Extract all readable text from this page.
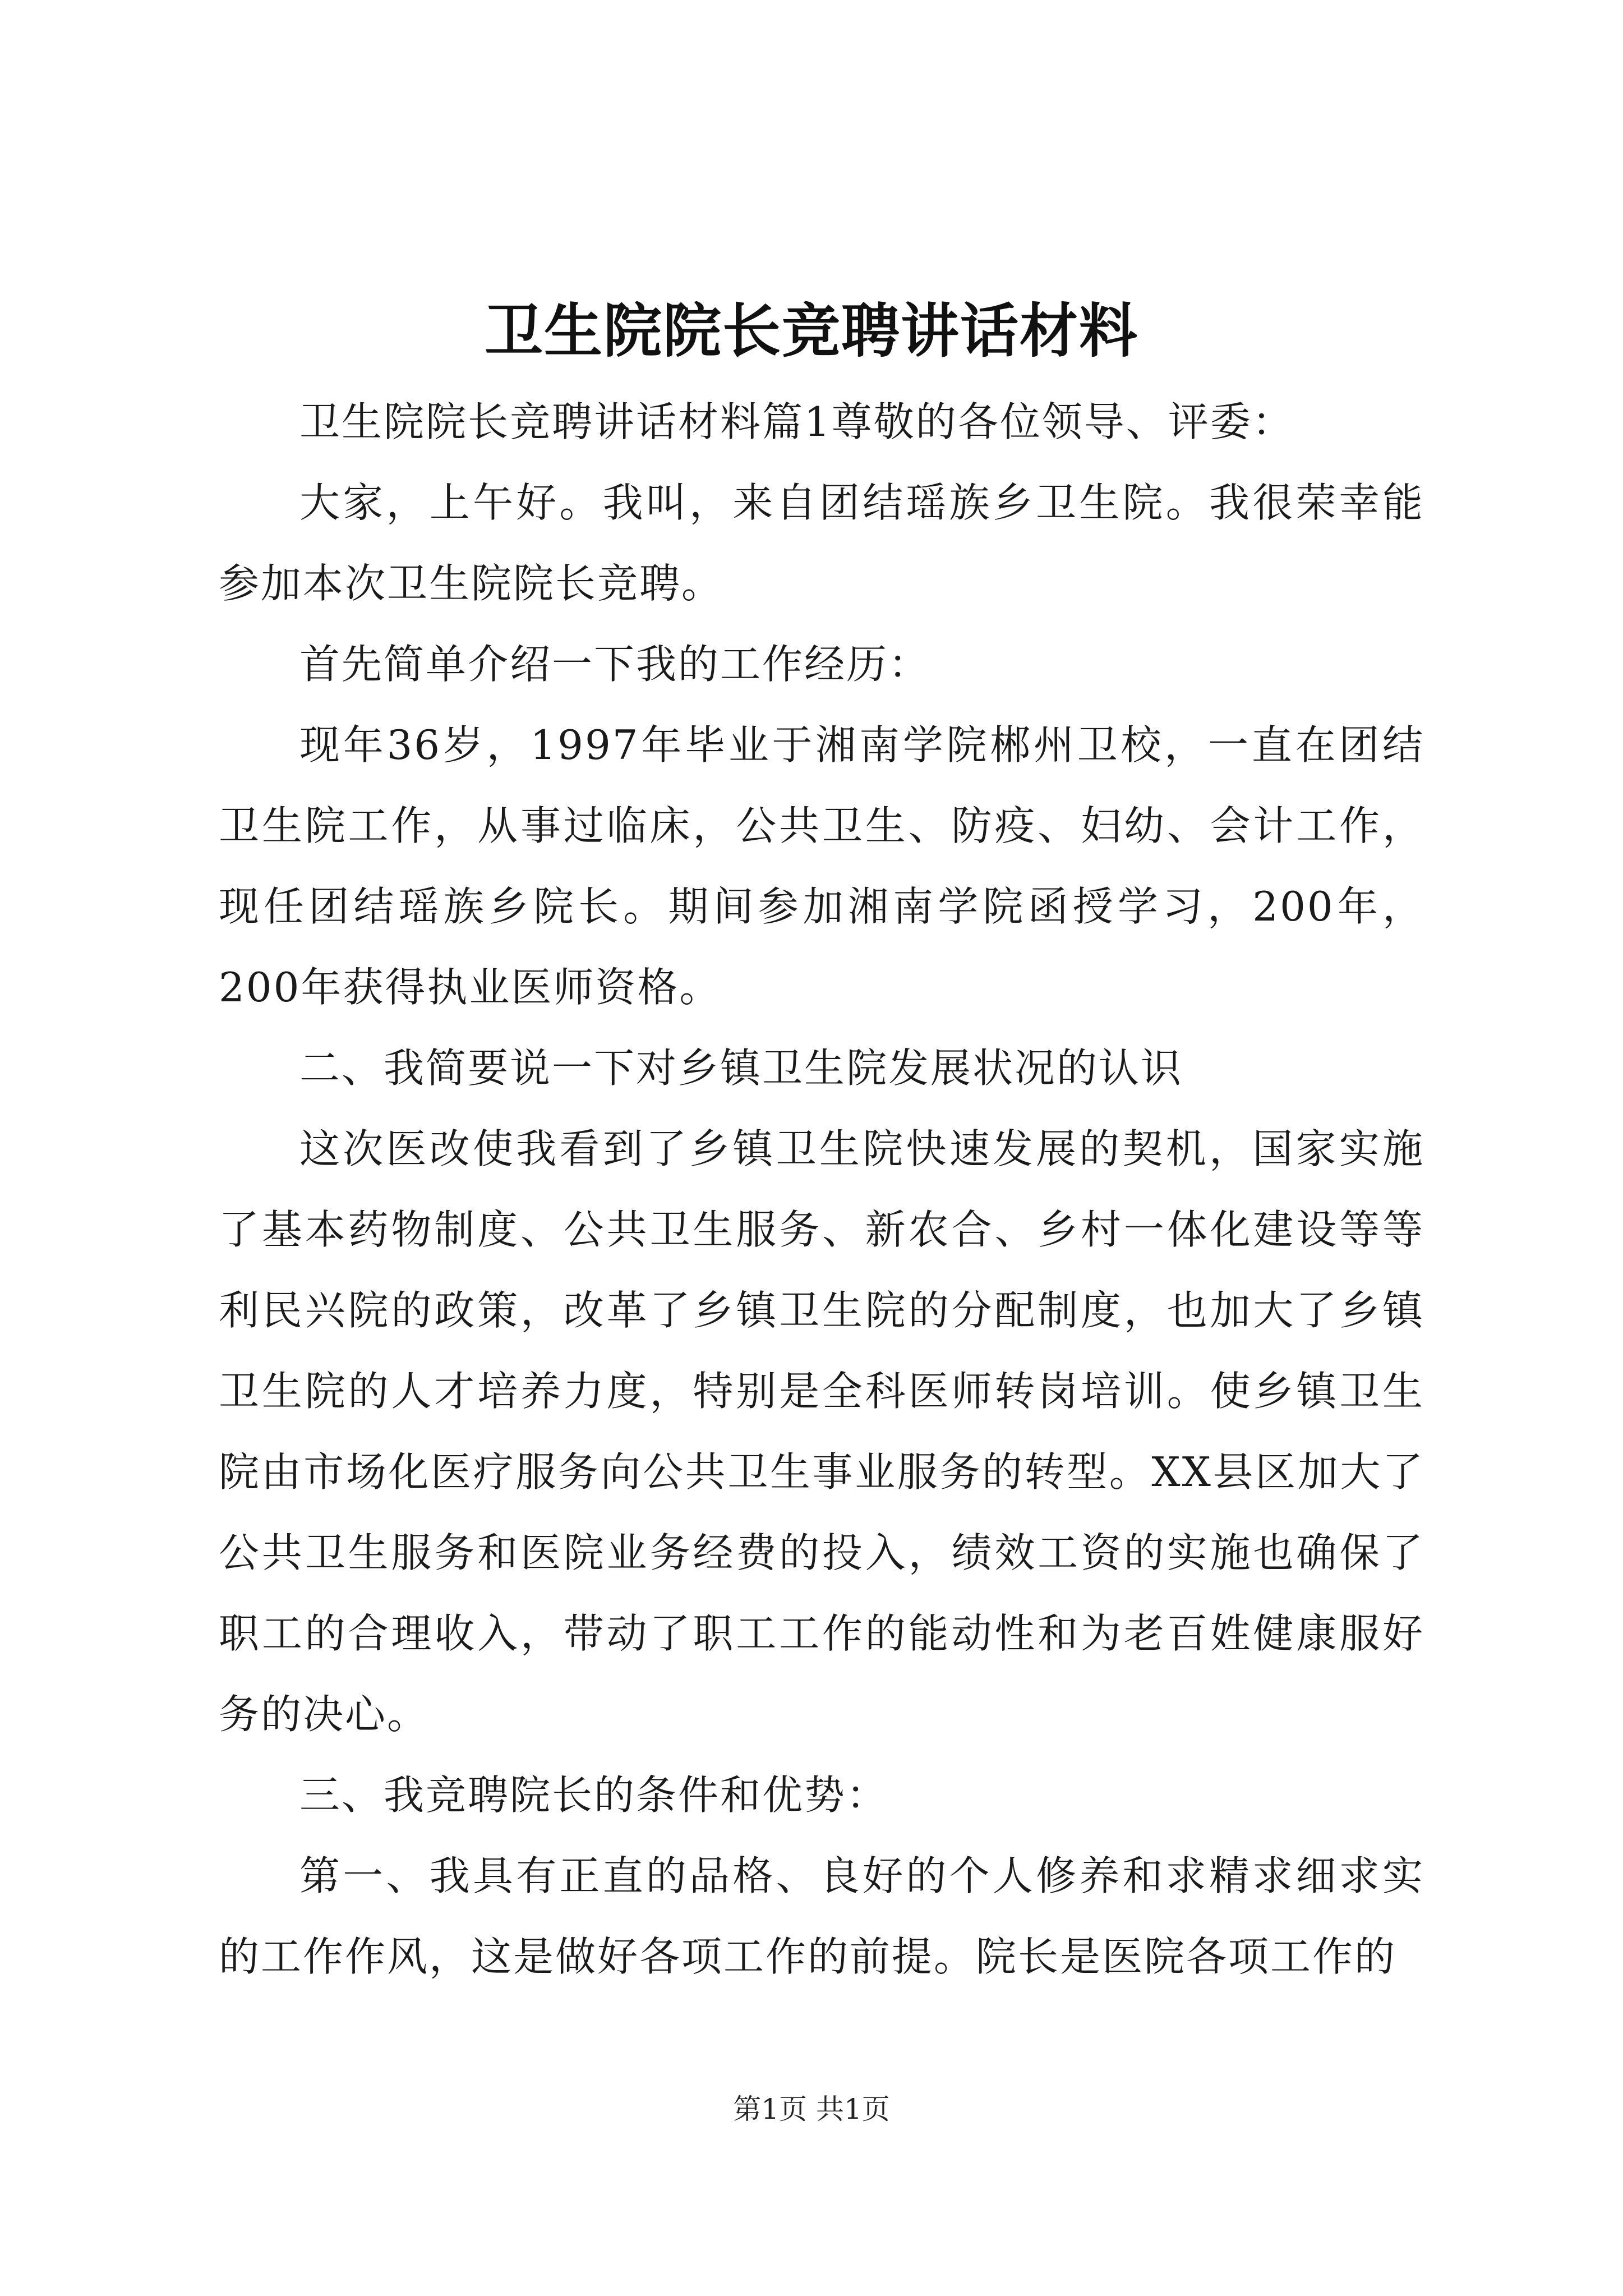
卫生院院长竞聘讲话材料

卫生院院长竞聘讲话材料篇1尊敬的各位领导、评委：

大家，上午好。我叫，来自团结瑶族乡卫生院。我很荣幸能参加本次卫生院院长竞聘。

首先简单介绍一下我的工作经历：

现年36岁，1997年毕业于湘南学院郴州卫校，一直在团结卫生院工作，从事过临床，公共卫生、防疫、妇幼、会计工作，现任团结瑶族乡院长。期间参加湘南学院函授学习，200年，200年获得执业医师资格。

二、我简要说一下对乡镇卫生院发展状况的认识

这次医改使我看到了乡镇卫生院快速发展的契机，国家实施了基本药物制度、公共卫生服务、新农合、乡村一体化建设等等利民兴院的政策，改革了乡镇卫生院的分配制度，也加大了乡镇卫生院的人才培养力度，特别是全科医师转岗培训。使乡镇卫生院由市场化医疗服务向公共卫生事业服务的转型。XX县区加大了公共卫生服务和医院业务经费的投入，绩效工资的实施也确保了职工的合理收入，带动了职工工作的能动性和为老百姓健康服好务的决心。

三、我竞聘院长的条件和优势：

第一、我具有正直的品格、良好的个人修养和求精求细求实的工作作风，这是做好各项工作的前提。院长是医院各项工作的

第1页 共1页
